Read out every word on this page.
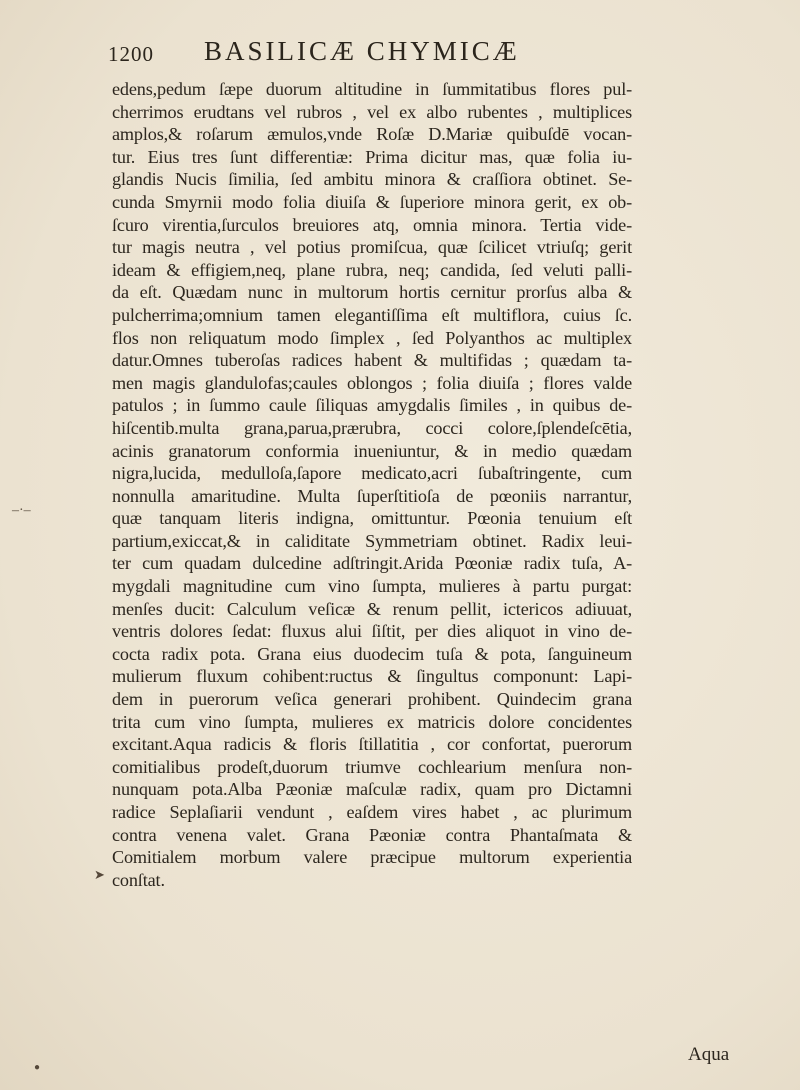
1200 BASILICÆ CHYMICÆ
edens,pedum ſæpe duorum altitudine in ſummitatibus flores pul-
cherrimos erudtans vel rubros , vel ex albo rubentes , multiplices
amplos,& roſarum æmulos,vnde Roſæ D.Mariæ quibuſdē vocan-
tur. Eius tres ſunt differentiæ: Prima dicitur mas, quæ folia iu-
glandis Nucis ſimilia, ſed ambitu minora & craſſiora obtinet. Se-
cunda Smyrnii modo folia diuiſa & ſuperiore minora gerit, ex ob-
ſcuro virentia,ſurculos breuiores atq, omnia minora. Tertia vide-
tur magis neutra , vel potius promiſcua, quæ ſcilicet vtriuſq; gerit
ideam & effigiem,neq, plane rubra, neq; candida, ſed veluti palli-
da eſt. Quædam nunc in multorum hortis cernitur prorſus alba &
pulcherrima;omnium tamen elegantiſſima eſt multiflora, cuius ſc.
flos non reliquatum modo ſimplex , ſed Polyanthos ac multiplex
datur.Omnes tuberoſas radices habent & multifidas ; quædam ta-
men magis glandulofas;caules oblongos ; folia diuiſa ; flores valde
patulos ; in ſummo caule ſiliquas amygdalis ſimiles , in quibus de-
hiſcentib.multa grana,parua,prærubra, cocci colore,ſplendeſcētia,
acinis granatorum conformia inueniuntur, & in medio quædam
nigra,lucida, medulloſa,ſapore medicato,acri ſubaſtringente, cum
nonnulla amaritudine. Multa ſuperſtitioſa de pœoniis narrantur,
quæ tanquam literis indigna, omittuntur. Pœonia tenuium eſt
partium,exiccat,& in caliditate Symmetriam obtinet. Radix leui-
ter cum quadam dulcedine adſtringit.Arida Pœoniæ radix tuſa, A-
mygdali magnitudine cum vino ſumpta, mulieres à partu purgat:
menſes ducit: Calculum veſicæ & renum pellit, ictericos adiuuat,
ventris dolores ſedat: fluxus alui ſiſtit, per dies aliquot in vino de-
cocta radix pota. Grana eius duodecim tuſa & pota, ſanguineum
mulierum fluxum cohibent:ructus & ſingultus componunt: Lapi-
dem in puerorum veſica generari prohibent. Quindecim grana
trita cum vino ſumpta, mulieres ex matricis dolore concidentes
excitant.Aqua radicis & floris ſtillatitia , cor confortat, puerorum
comitialibus prodeſt,duorum triumve cochlearium menſura non-
nunquam pota.Alba Pæoniæ maſculæ radix, quam pro Dictamni
radice Seplaſiarii vendunt , eaſdem vires habet , ac plurimum
contra venena valet. Grana Pæoniæ contra Phantaſmata &
Comitialem morbum valere præcipue multorum experientia
conſtat.
Aqua
–·–
➤
●
